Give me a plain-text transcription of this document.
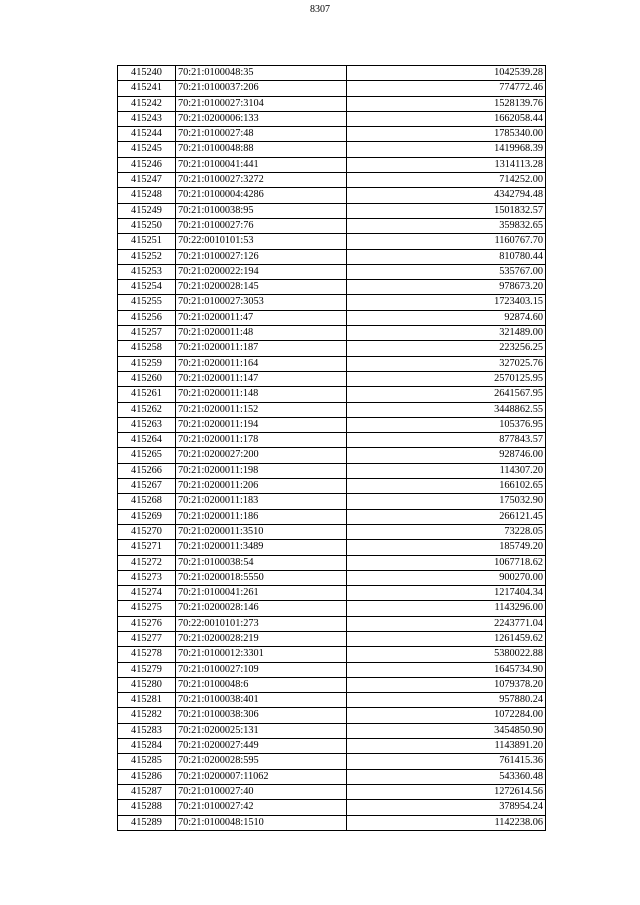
8307
415240	70:21:0100048:35	1042539.28
415241	70:21:0100037:206	774772.46
415242	70:21:0100027:3104	1528139.76
415243	70:21:0200006:133	1662058.44
415244	70:21:0100027:48	1785340.00
415245	70:21:0100048:88	1419968.39
415246	70:21:0100041:441	1314113.28
415247	70:21:0100027:3272	714252.00
415248	70:21:0100004:4286	4342794.48
415249	70:21:0100038:95	1501832.57
415250	70:21:0100027:76	359832.65
415251	70:22:0010101:53	1160767.70
415252	70:21:0100027:126	810780.44
415253	70:21:0200022:194	535767.00
415254	70:21:0200028:145	978673.20
415255	70:21:0100027:3053	1723403.15
415256	70:21:0200011:47	92874.60
415257	70:21:0200011:48	321489.00
415258	70:21:0200011:187	223256.25
415259	70:21:0200011:164	327025.76
415260	70:21:0200011:147	2570125.95
415261	70:21:0200011:148	2641567.95
415262	70:21:0200011:152	3448862.55
415263	70:21:0200011:194	105376.95
415264	70:21:0200011:178	877843.57
415265	70:21:0200027:200	928746.00
415266	70:21:0200011:198	114307.20
415267	70:21:0200011:206	166102.65
415268	70:21:0200011:183	175032.90
415269	70:21:0200011:186	266121.45
415270	70:21:0200011:3510	73228.05
415271	70:21:0200011:3489	185749.20
415272	70:21:0100038:54	1067718.62
415273	70:21:0200018:5550	900270.00
415274	70:21:0100041:261	1217404.34
415275	70:21:0200028:146	1143296.00
415276	70:22:0010101:273	2243771.04
415277	70:21:0200028:219	1261459.62
415278	70:21:0100012:3301	5380022.88
415279	70:21:0100027:109	1645734.90
415280	70:21:0100048:6	1079378.20
415281	70:21:0100038:401	957880.24
415282	70:21:0100038:306	1072284.00
415283	70:21:0200025:131	3454850.90
415284	70:21:0200027:449	1143891.20
415285	70:21:0200028:595	761415.36
415286	70:21:0200007:11062	543360.48
415287	70:21:0100027:40	1272614.56
415288	70:21:0100027:42	378954.24
415289	70:21:0100048:1510	1142238.06
